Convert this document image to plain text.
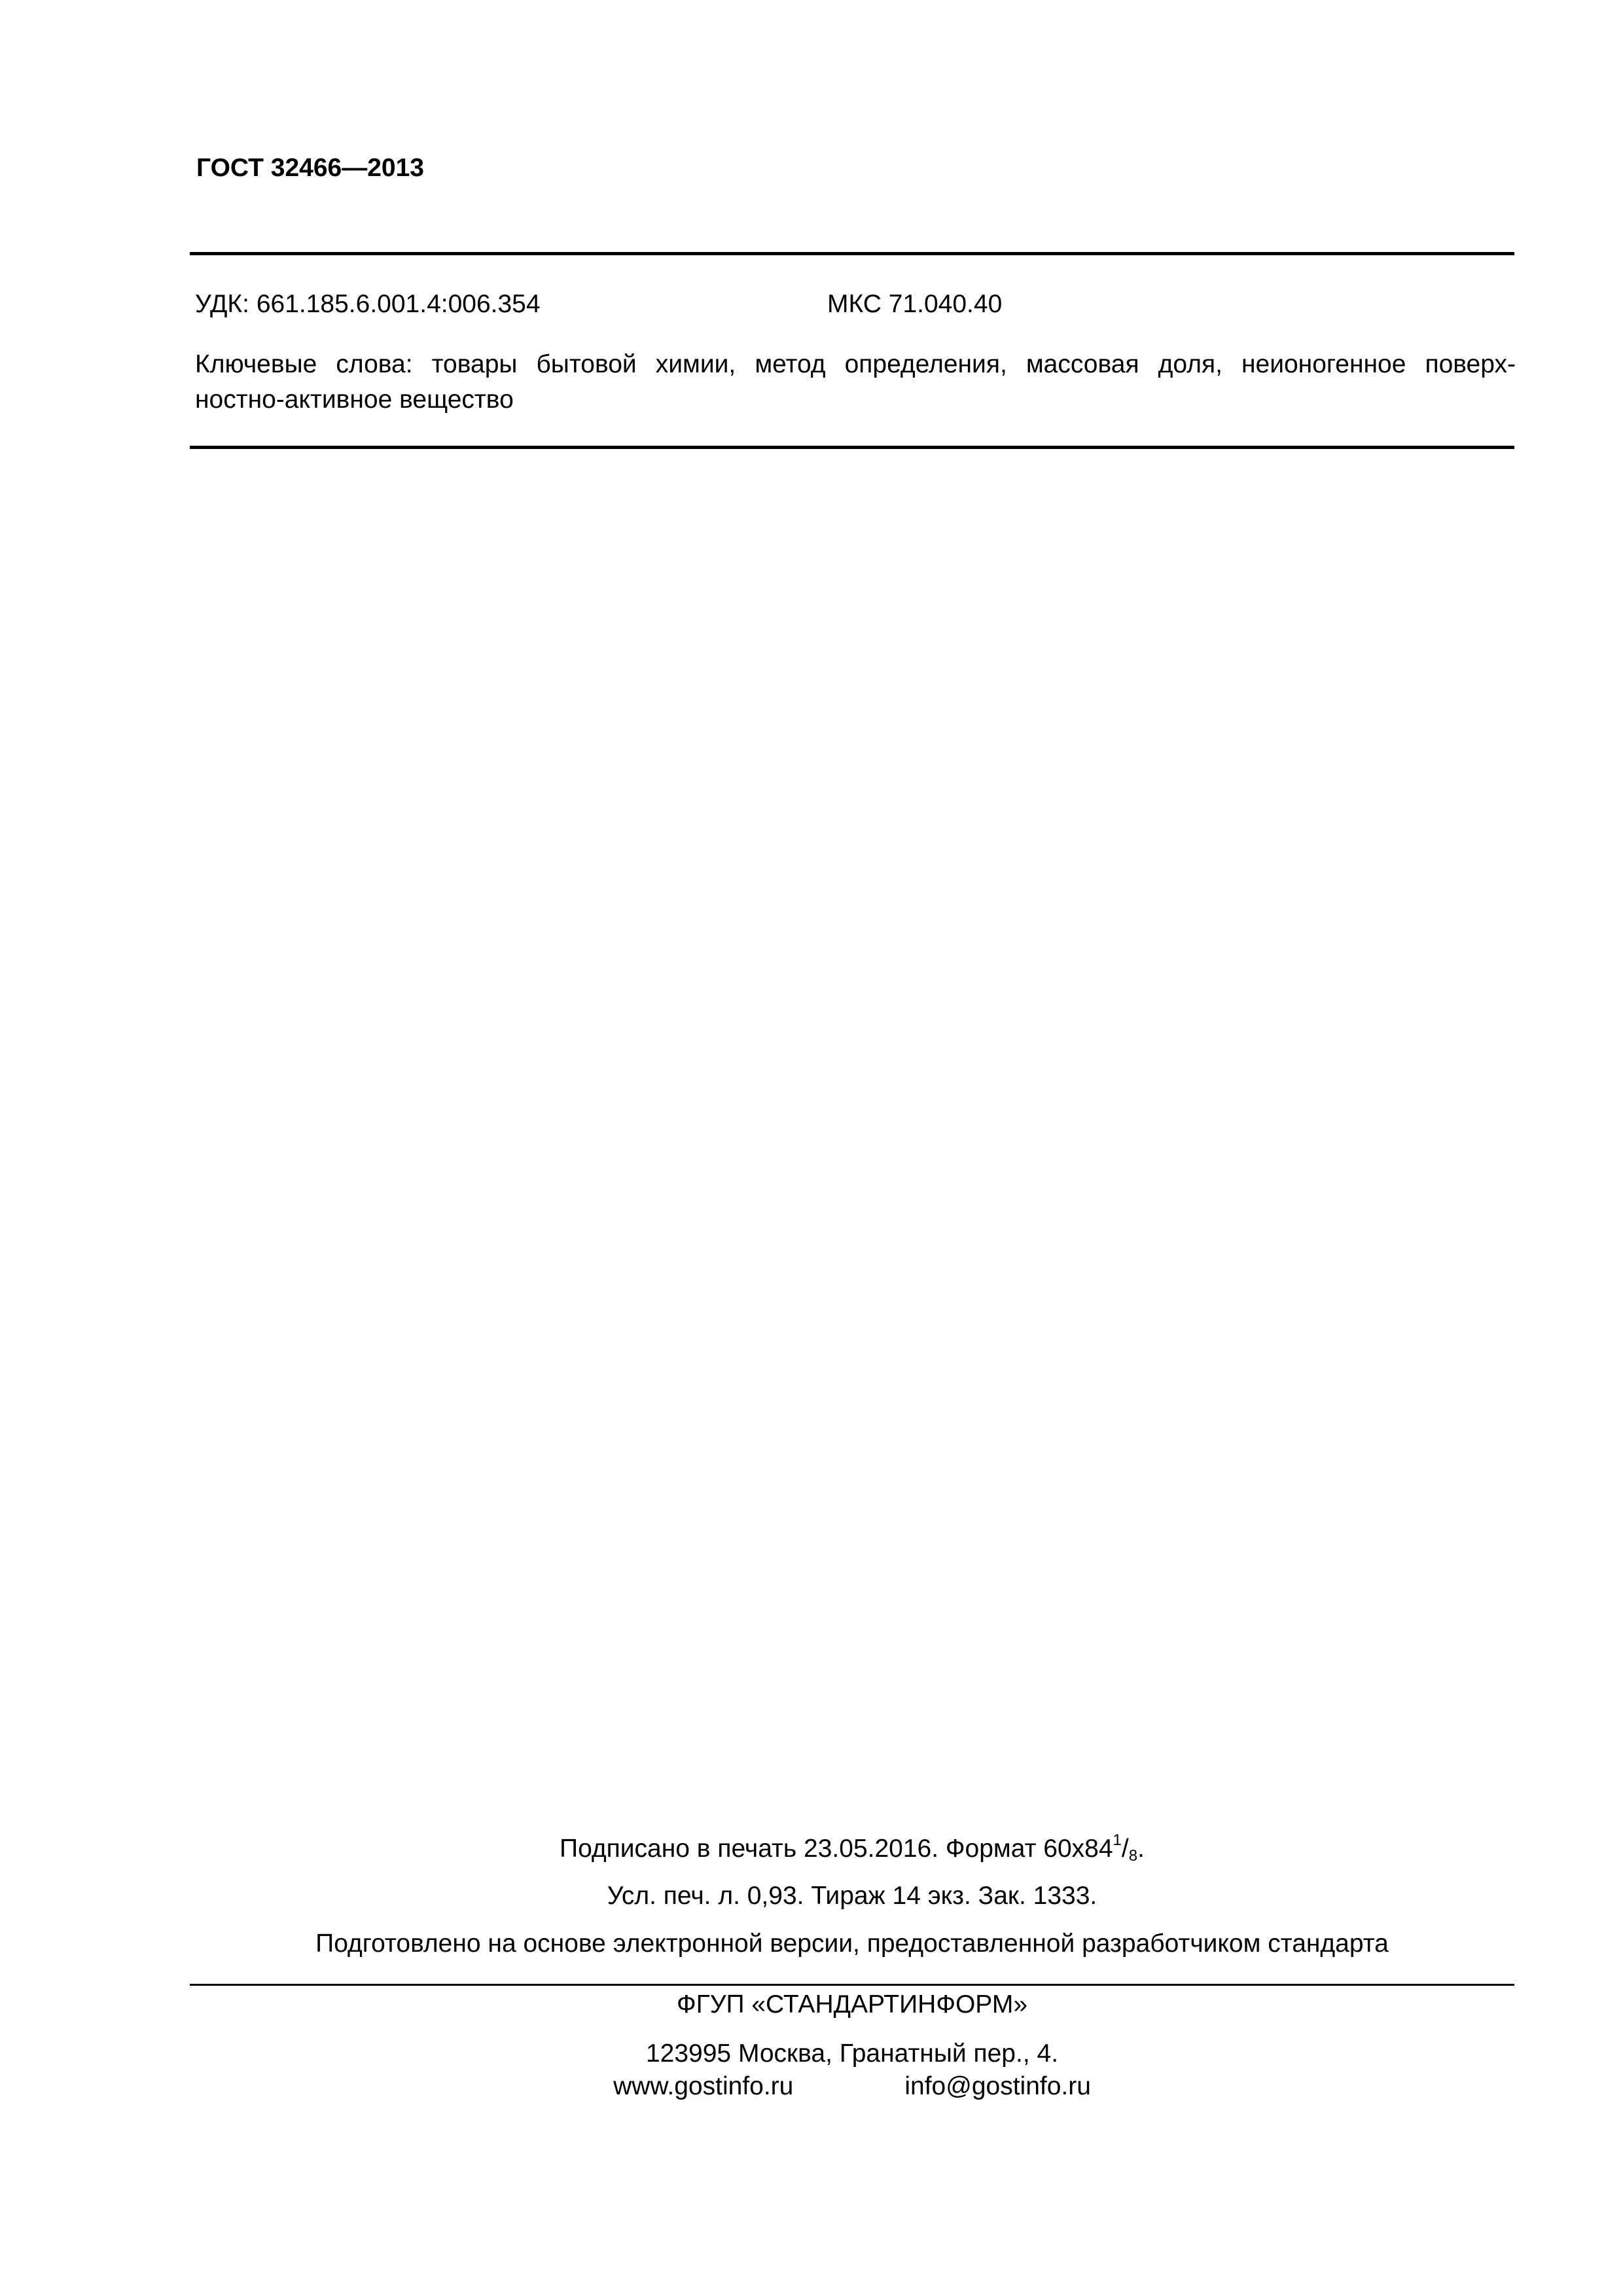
ГОСТ 32466—2013
УДК: 661.185.6.001.4:006.354	МКС 71.040.40
Ключевые слова: товары бытовой химии, метод определения, массовая доля, неионогенное поверх-
ностно-активное вещество
Подписано в печать 23.05.2016. Формат $60x84^1/_8$.
Усл. печ. л. 0,93. Тираж 14 экз. Зак. 1333.
Подготовлено на основе электронной версии, предоставленной разработчиком стандарта
ФГУП «СТАНДАРТИНФОРМ»
123995 Москва, Гранатный пер., 4.
www.gostinfo.ru	info@gostinfo.ru
